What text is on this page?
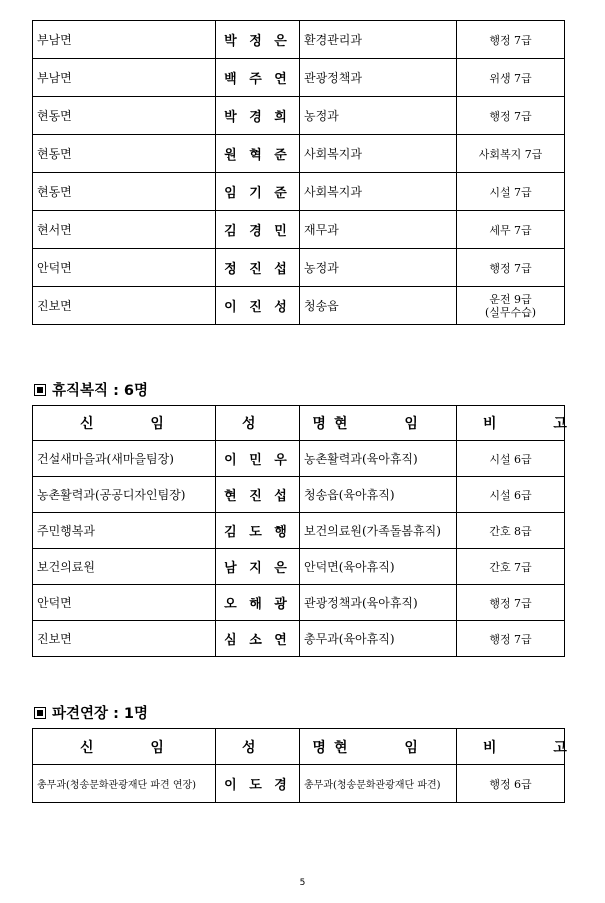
부남면	박 정 은	환경관리과	행정 7급
부남면	백 주 연	관광정책과	위생 7급
현동면	박 경 희	농정과	행정 7급
현동면	원 혁 준	사회복지과	사회복지 7급
현동면	임 기 준	사회복지과	시설 7급
현서면	김 경 민	재무과	세무 7급
안덕면	정 진 섭	농정과	행정 7급
진보면	이 진 성	청송읍	운전 9급
(실무수습)
휴직복직 : 6명
신 임	성 명	현 임	비 고
건설새마을과(새마을팀장)	이 민 우	농촌활력과(육아휴직)	시설 6급
농촌활력과(공공디자인팀장)	현 진 섭	청송읍(육아휴직)	시설 6급
주민행복과	김 도 행	보건의료원(가족돌봄휴직)	간호 8급
보건의료원	남 지 은	안덕면(육아휴직)	간호 7급
안덕면	오 해 광	관광정책과(육아휴직)	행정 7급
진보면	심 소 연	총무과(육아휴직)	행정 7급
파견연장 : 1명
신 임	성 명	현 임	비 고
총무과(청송문화관광재단 파견 연장)	이 도 경	총무과(청송문화관광재단 파견)	행정 6급
5
